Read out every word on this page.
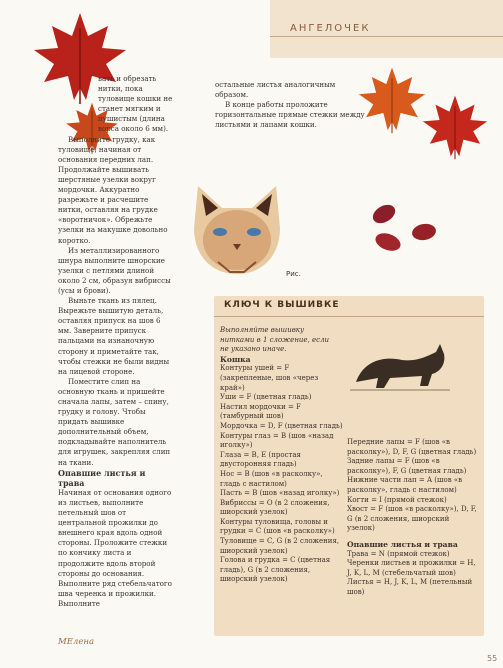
АНГЕЛОЧЕК
Рис.

вать и обрезать нитки, пока туловище кошки не станет мягким и пушистым (длина ворса около 6 мм).

Выполните грудку, как туловище, начиная от основания передних лап. Продолжайте вышивать шерстяные узелки вокруг мордочки. Аккуратно разрежьте и расчешите нитки, оставляя на грудке «воротничок». Обрежьте узелки на макушке довольно коротко.

Из металлизированного шнура выполните шнорские узелки с петлями длиной около 2 см, образуя вибриссы (усы и брови).

Выньте ткань из пялец. Вырежьте вышитую деталь, оставляя припуск на шов 6 мм. Заверните припуск пальцами на изнаночную сторону и приметайте так, чтобы стежки не были видны на лицевой стороне.

Поместите слип на основную ткань и пришейте сначала лапы, затем – спину, грудку и голову. Чтобы придать вышивке дополнительный объем, подкладывайте наполнитель для игрушек, закрепляя слип на ткани.

Опавшие листья и трава

Начиная от основания одного из листьев, выполните петельный шов от центральной прожилки до внешнего края вдоль одной стороны. Проложите стежки по кончику листа и продолжите вдоль второй стороны до основания. Выполните ряд стебельчатого шва черенка и прожилки. Выполните

остальные листья аналогичным образом.

В конце работы проложите горизонтальные прямые стежки между листьями и лапами кошки.

КЛЮЧ К ВЫШИВКЕ

Выполняйте вышивку нитками в 1 сложение, если не указано иначе.

Кошка

Контуры ушей = F (закрепленые, шов «через край»)

Уши = F (цветная гладь)

Настил мордочки = F (тамбурный шов)

Мордочка = D, F (цветная гладь)

Контуры глаз = B (шов «назад иголку»)

Глаза = B, E (простая двусторонняя гладь)

Нос = B (шов «в расколку», гладь с настилом)

Пасть = B (шов «назад иголку»)

Вибриссы = O (в 2 сложения, шиорский узелок)

Контуры туловища, головы и грудки = C (шов «в расколку»)

Туловище = C, G (в 2 сложения, шиорский узелок)

Голова и грудка = C (цветная гладь), G (в 2 сложения, шиорский узелок)

Передние лапы = F (шов «в расколку»), D, F, G (цветная гладь)

Задние лапы = F (шов «в расколку»), F, G (цветная гладь)

Нижние части лап = A (шов «в расколку», гладь с настилом)

Когти = I (прямой стежок)

Хвост = F (шов «в расколку»), D, F, G (в 2 сложения, шиорский узелок)

Опавшие листья и трава

Трава = N (прямой стежок)

Черенки листьев и прожилки = H, J, K, L, M (стебельчатый шов)

Листья = H, J, K, L, M (петельный шов)

МЕлена
55
